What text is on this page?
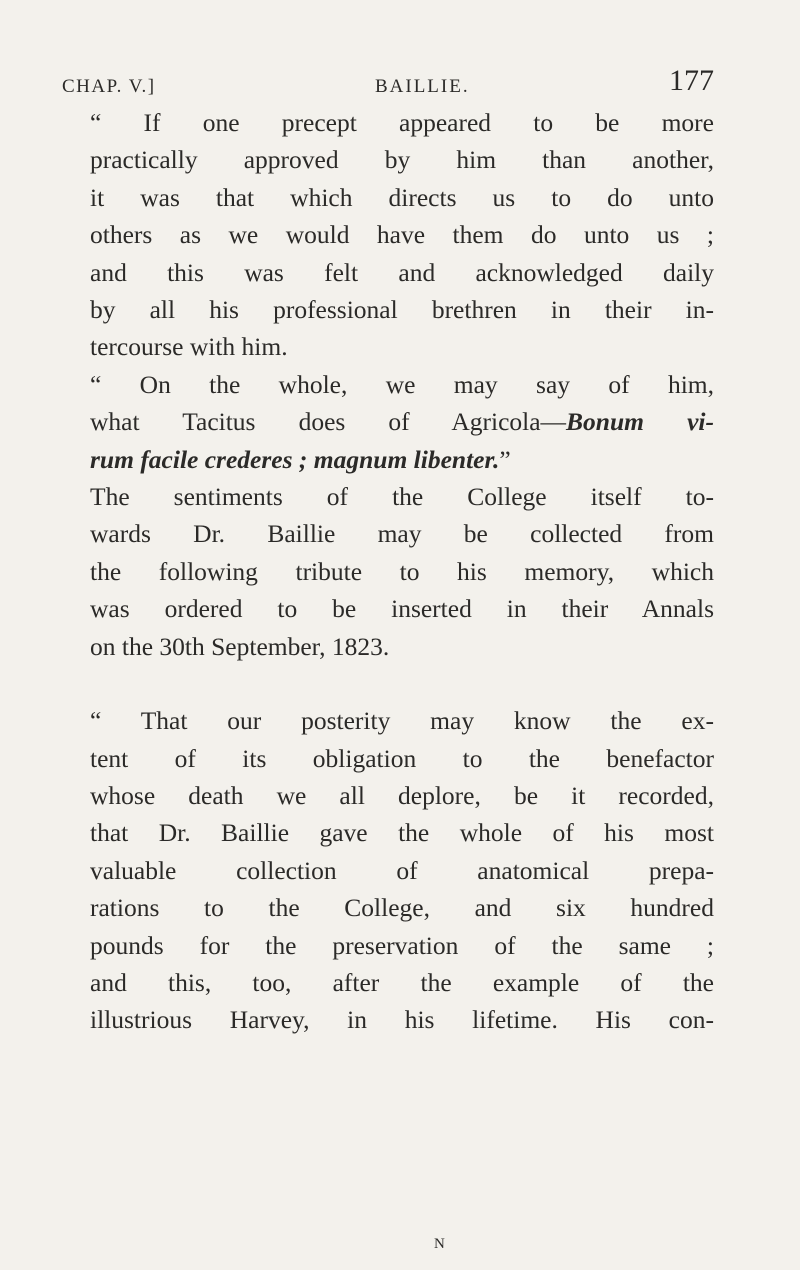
CHAP. V.]	BAILLIE.	177

“ If one precept appeared to be more
practically approved by him than another,
it was that which directs us to do unto
others as we would have them do unto us ;
and this was felt and acknowledged daily
by all his professional brethren in their in-
tercourse with him.

“ On the whole, we may say of him,
what Tacitus does of Agricola—Bonum vi-
rum facile crederes ; magnum libenter.”

The sentiments of the College itself to-
wards Dr. Baillie may be collected from
the following tribute to his memory, which
was ordered to be inserted in their Annals
on the 30th September, 1823.

“ That our posterity may know the ex-
tent of its obligation to the benefactor
whose death we all deplore, be it recorded,
that Dr. Baillie gave the whole of his most
valuable collection of anatomical prepa-
rations to the College, and six hundred
pounds for the preservation of the same ;
and this, too, after the example of the
illustrious Harvey, in his lifetime. His con-

N
